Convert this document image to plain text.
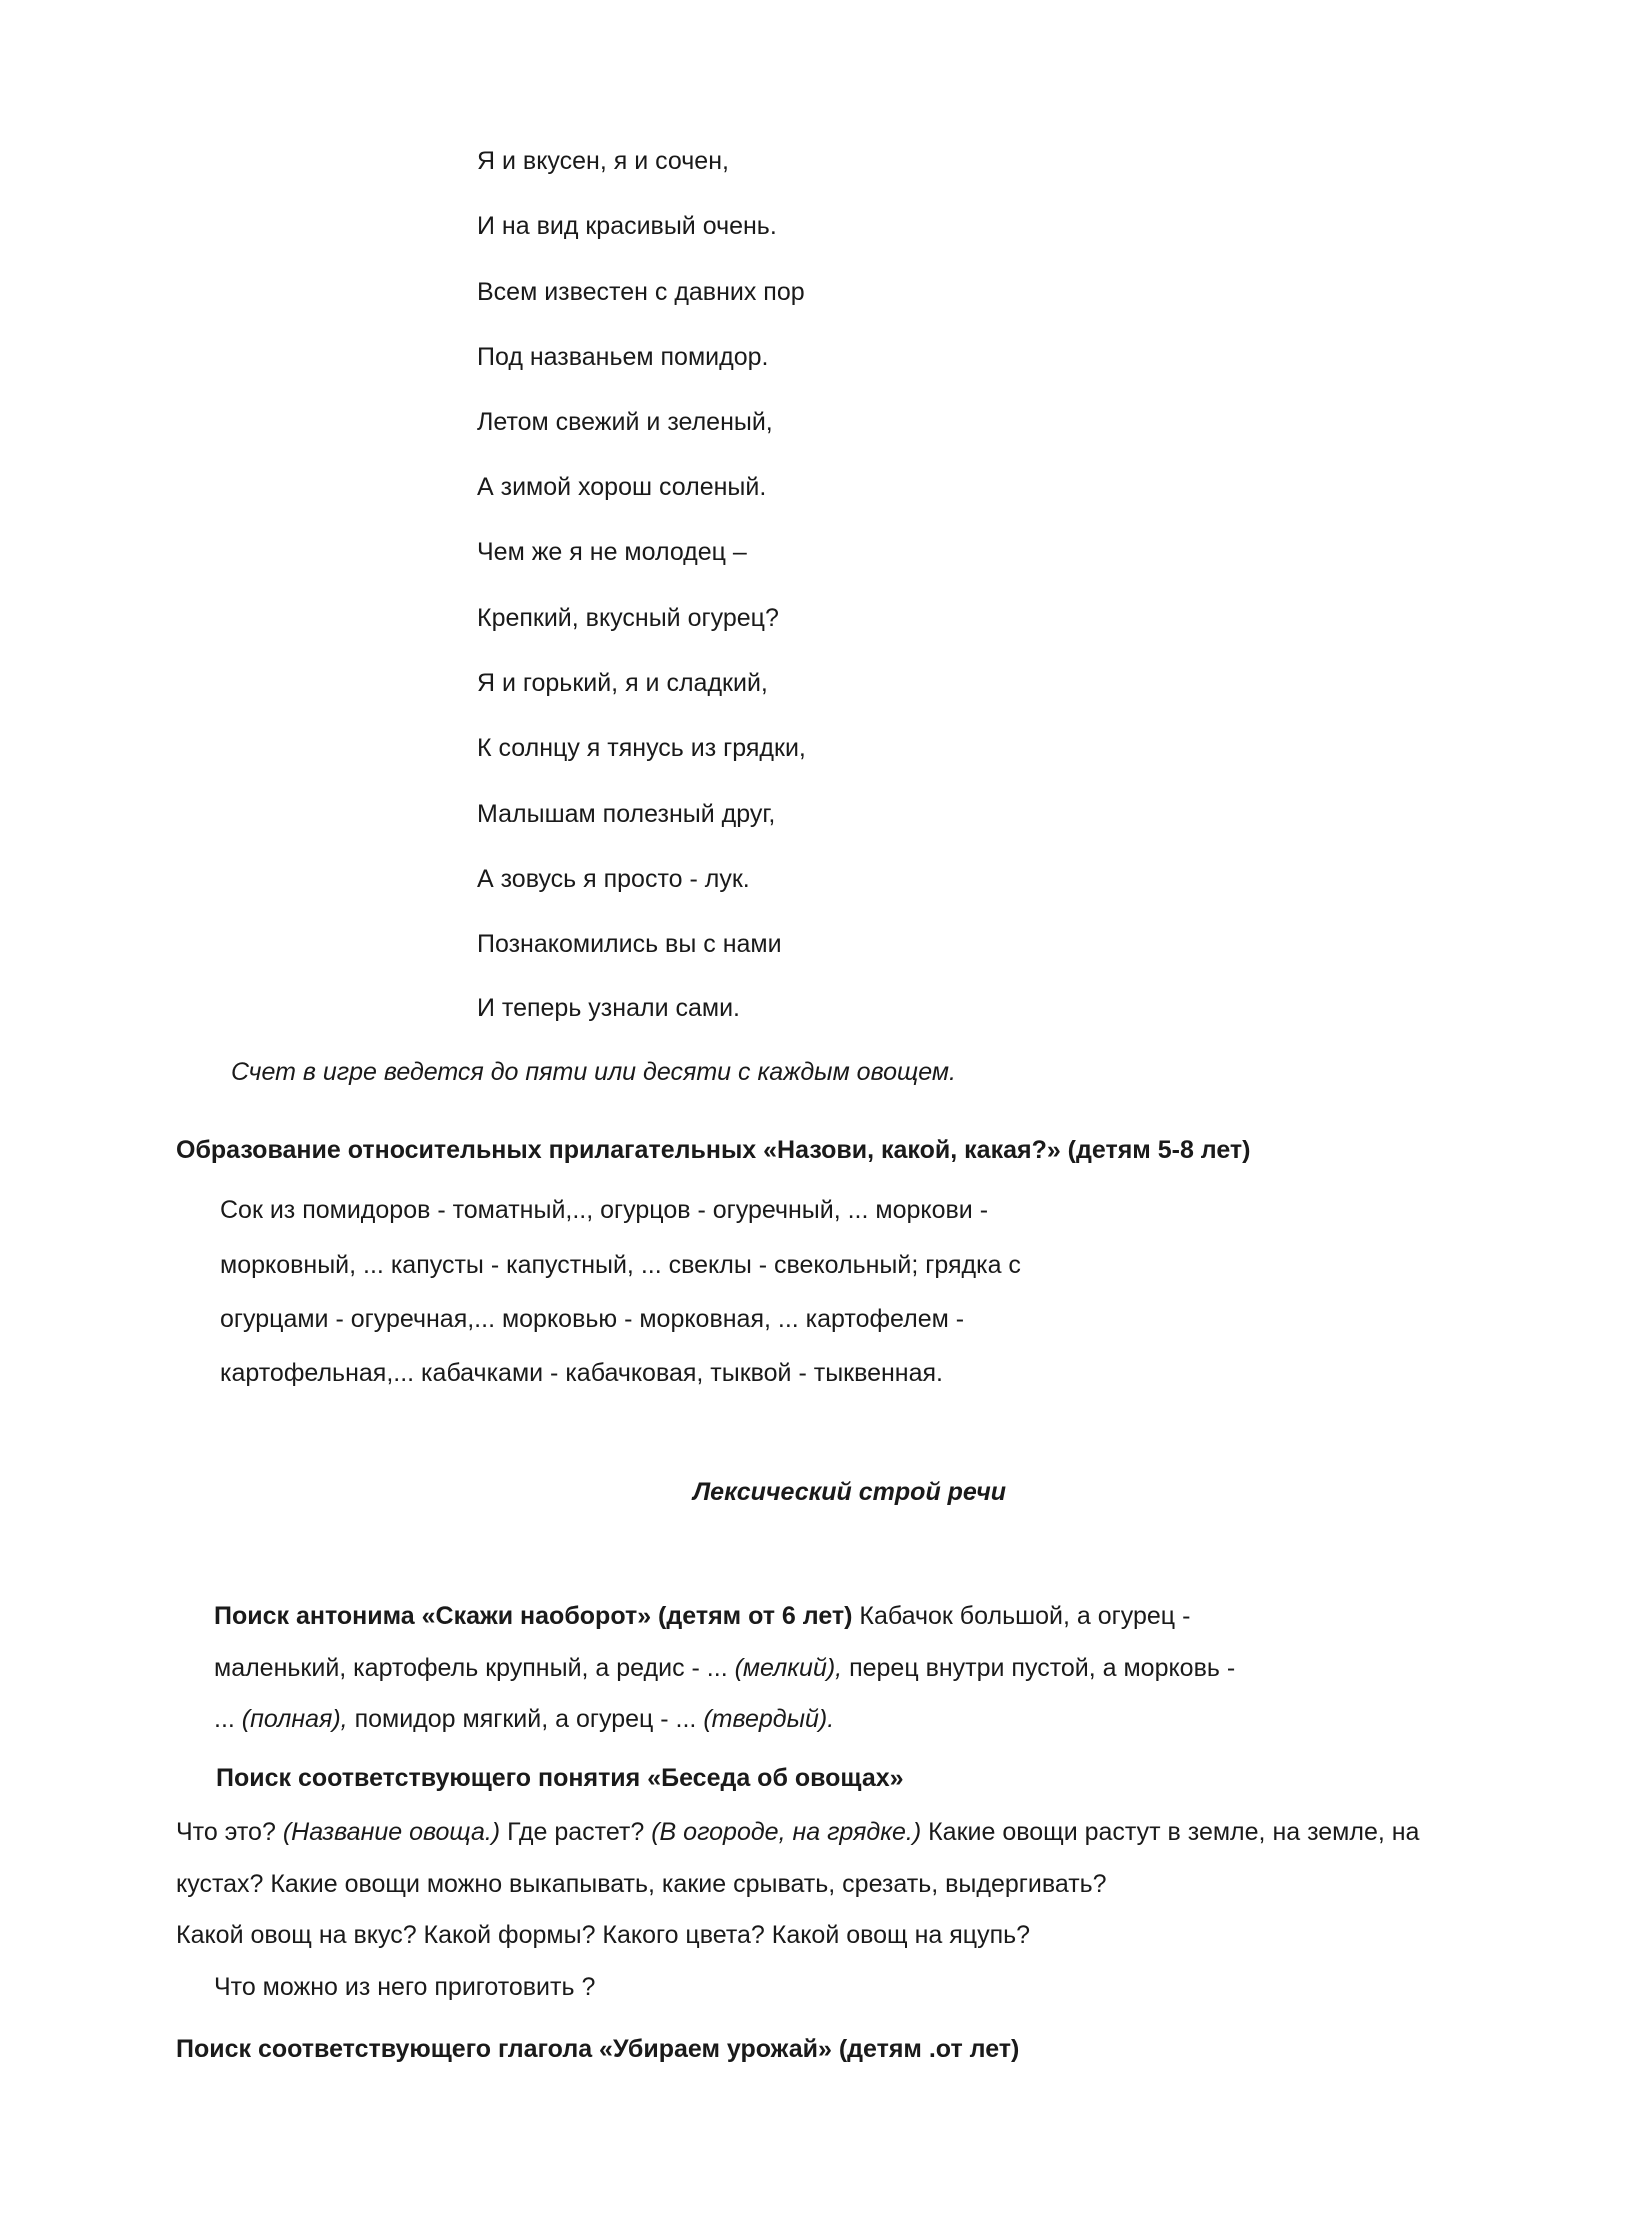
Я и вкусен, я и сочен,
И на вид красивый очень.
Всем известен с давних пор
Под названьем помидор.
Летом свежий и зеленый,
А зимой хорош соленый.
Чем же я не молодец –
Крепкий, вкусный огурец?
Я и горький, я и сладкий,
К солнцу я тянусь из грядки,
Малышам полезный друг,
А зовусь я просто - лук.
Познакомились вы с нами
И теперь узнали сами.
Счет в игре ведется до пяти или десяти с каждым овощем.
Образование относительных прилагательных «Назови, какой, какая?» (детям 5-8 лет)
Сок из помидоров - томатный,.., огурцов - огуречный, ... моркови -
морковный, ... капусты - капустный, ... свеклы - свекольный; грядка с
огурцами - огуречная,... морковью - морковная, ... картофелем -
картофельная,... кабачками - кабачковая, тыквой - тыквенная.
Лексический строй речи
Поиск антонима «Скажи наоборот» (детям от 6 лет) Кабачок большой, а огурец -
маленький, картофель крупный, а редис - ... (мелкий), перец внутри пустой, а морковь -
... (полная), помидор мягкий, а огурец - ... (твердый).
Поиск соответствующего понятия «Беседа об овощах»
Что это? (Название овоща.) Где растет? (В огороде, на грядке.) Какие овощи растут в земле, на земле, на
кустах? Какие овощи можно выкапывать, какие срывать, срезать, выдергивать?
Какой овощ на вкус? Какой формы? Какого цвета? Какой овощ на яцупь?
Что можно из него приготовить ?
Поиск соответствующего глагола «Убираем урожай» (детям .от лет)
